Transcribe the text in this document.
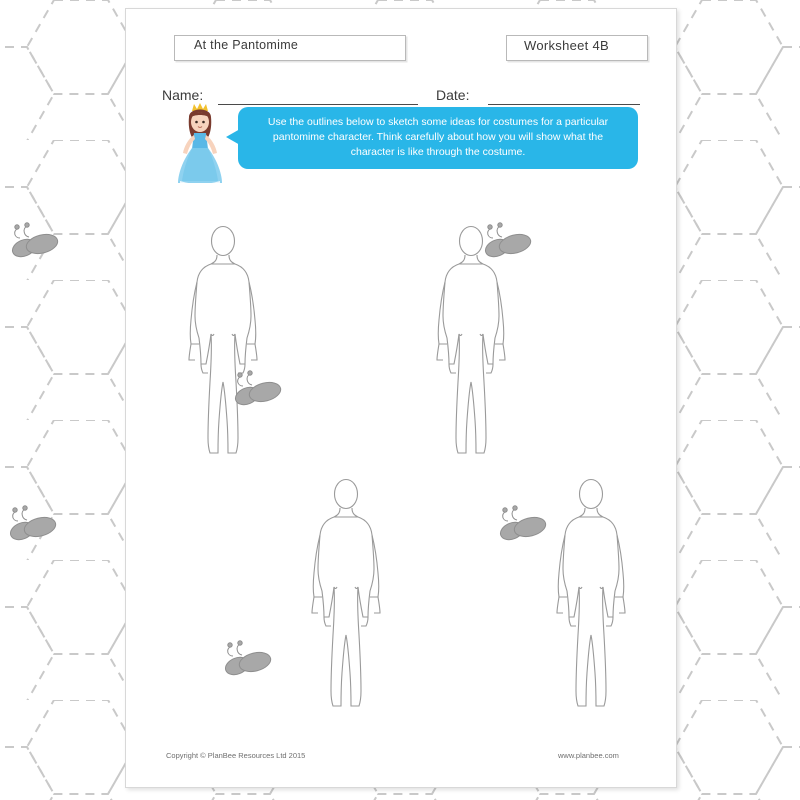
At the Pantomime	Worksheet 4B
Name:	Date:
Use the outlines below to sketch some ideas for costumes for a particular pantomime character. Think carefully about how you will show what the character is like through the costume.
Copyright © PlanBee Resources Ltd 2015	www.planbee.com
